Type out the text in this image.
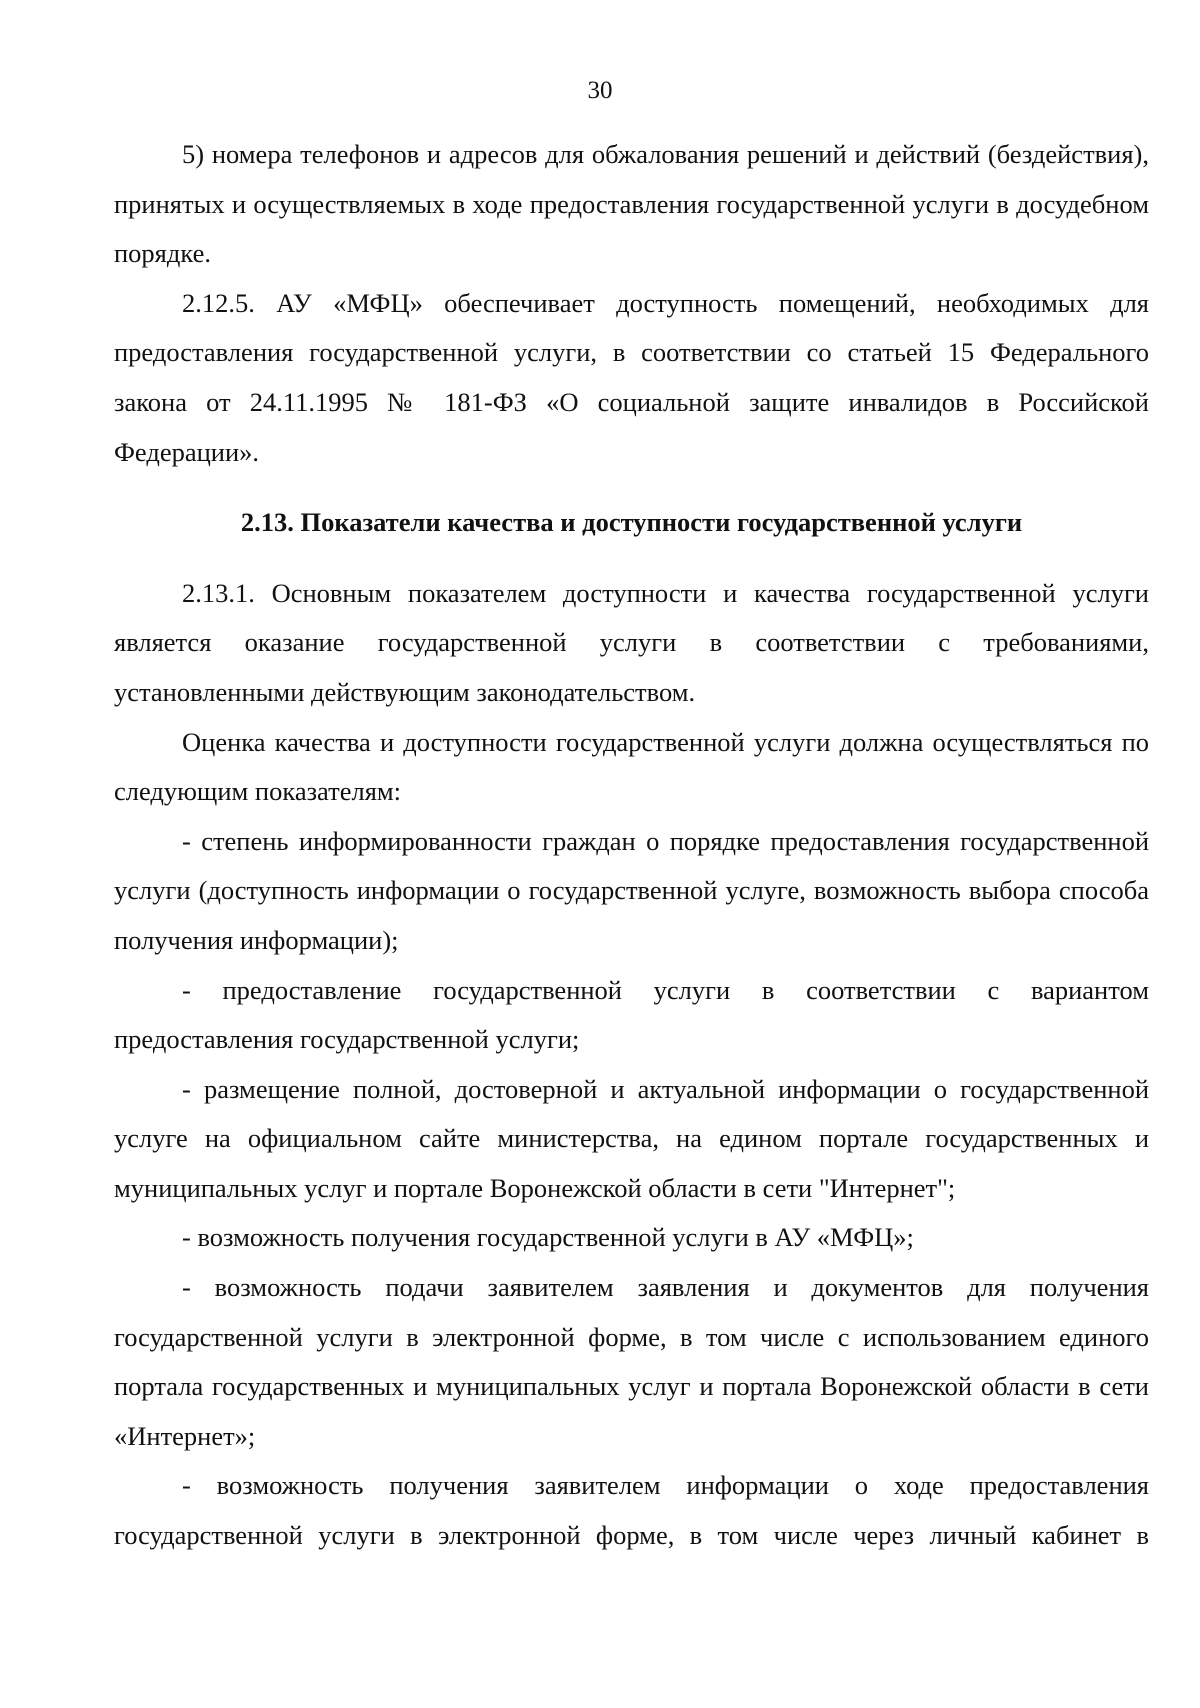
30

5) номера телефонов и адресов для обжалования решений и действий (бездействия), принятых и осуществляемых в ходе предоставления государственной услуги в досудебном порядке.

2.12.5. АУ «МФЦ» обеспечивает доступность помещений, необходимых для предоставления государственной услуги, в соответствии со статьей 15 Федерального закона от 24.11.1995 № 181-ФЗ «О социальной защите инвалидов в Российской Федерации».

2.13. Показатели качества и доступности государственной услуги

2.13.1. Основным показателем доступности и качества государственной услуги является оказание государственной услуги в соответствии с требованиями, установленными действующим законодательством.

Оценка качества и доступности государственной услуги должна осуществляться по следующим показателям:

- степень информированности граждан о порядке предоставления государственной услуги (доступность информации о государственной услуге, возможность выбора способа получения информации);

- предоставление государственной услуги в соответствии с вариантом предоставления государственной услуги;

- размещение полной, достоверной и актуальной информации о государственной услуге на официальном сайте министерства, на едином портале государственных и муниципальных услуг и портале Воронежской области в сети "Интернет";

- возможность получения государственной услуги в АУ «МФЦ»;

- возможность подачи заявителем заявления и документов для получения государственной услуги в электронной форме, в том числе с использованием единого портала государственных и муниципальных услуг и портала Воронежской области в сети «Интернет»;

- возможность получения заявителем информации о ходе предоставления государственной услуги в электронной форме, в том числе через личный кабинет в
